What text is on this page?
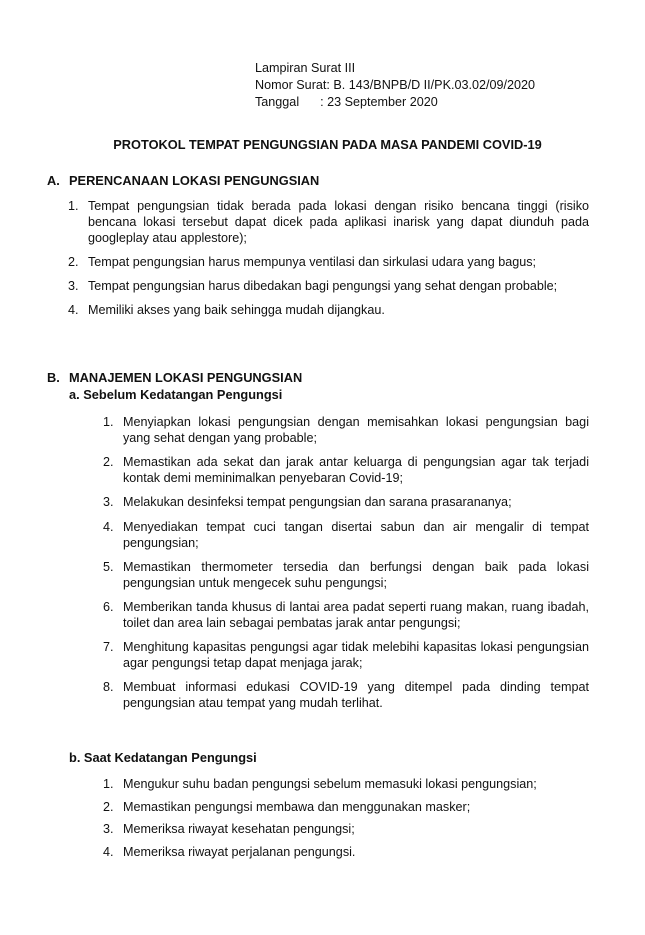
Lampiran Surat III
Nomor Surat: B. 143/BNPB/D II/PK.03.02/09/2020
Tanggal      : 23 September 2020
PROTOKOL TEMPAT PENGUNGSIAN PADA MASA PANDEMI COVID-19
A. PERENCANAAN LOKASI PENGUNGSIAN
1. Tempat pengungsian tidak berada pada lokasi dengan risiko bencana tinggi (risiko bencana lokasi tersebut dapat dicek pada aplikasi inarisk yang dapat diunduh pada googleplay atau applestore);
2. Tempat pengungsian harus mempunya ventilasi dan sirkulasi udara yang bagus;
3. Tempat pengungsian harus dibedakan bagi pengungsi yang sehat dengan probable;
4. Memiliki akses yang baik sehingga mudah dijangkau.
B. MANAJEMEN LOKASI PENGUNGSIAN
a. Sebelum Kedatangan Pengungsi
1. Menyiapkan lokasi pengungsian dengan memisahkan lokasi pengungsian bagi yang sehat dengan yang probable;
2. Memastikan ada sekat dan jarak antar keluarga di pengungsian agar tak terjadi kontak demi meminimalkan penyebaran Covid-19;
3. Melakukan desinfeksi tempat pengungsian dan sarana prasarananya;
4. Menyediakan tempat cuci tangan disertai sabun dan air mengalir di tempat pengungsian;
5. Memastikan thermometer tersedia dan berfungsi dengan baik pada lokasi pengungsian untuk mengecek suhu pengungsi;
6. Memberikan tanda khusus di lantai area padat seperti ruang makan, ruang ibadah, toilet dan area lain sebagai pembatas jarak antar pengungsi;
7. Menghitung kapasitas pengungsi agar tidak melebihi kapasitas lokasi pengungsian agar pengungsi tetap dapat menjaga jarak;
8. Membuat informasi edukasi COVID-19 yang ditempel pada dinding tempat pengungsian atau tempat yang mudah terlihat.
b. Saat Kedatangan Pengungsi
1. Mengukur suhu badan pengungsi sebelum memasuki lokasi pengungsian;
2. Memastikan pengungsi membawa dan menggunakan masker;
3. Memeriksa riwayat kesehatan pengungsi;
4. Memeriksa riwayat perjalanan pengungsi.
